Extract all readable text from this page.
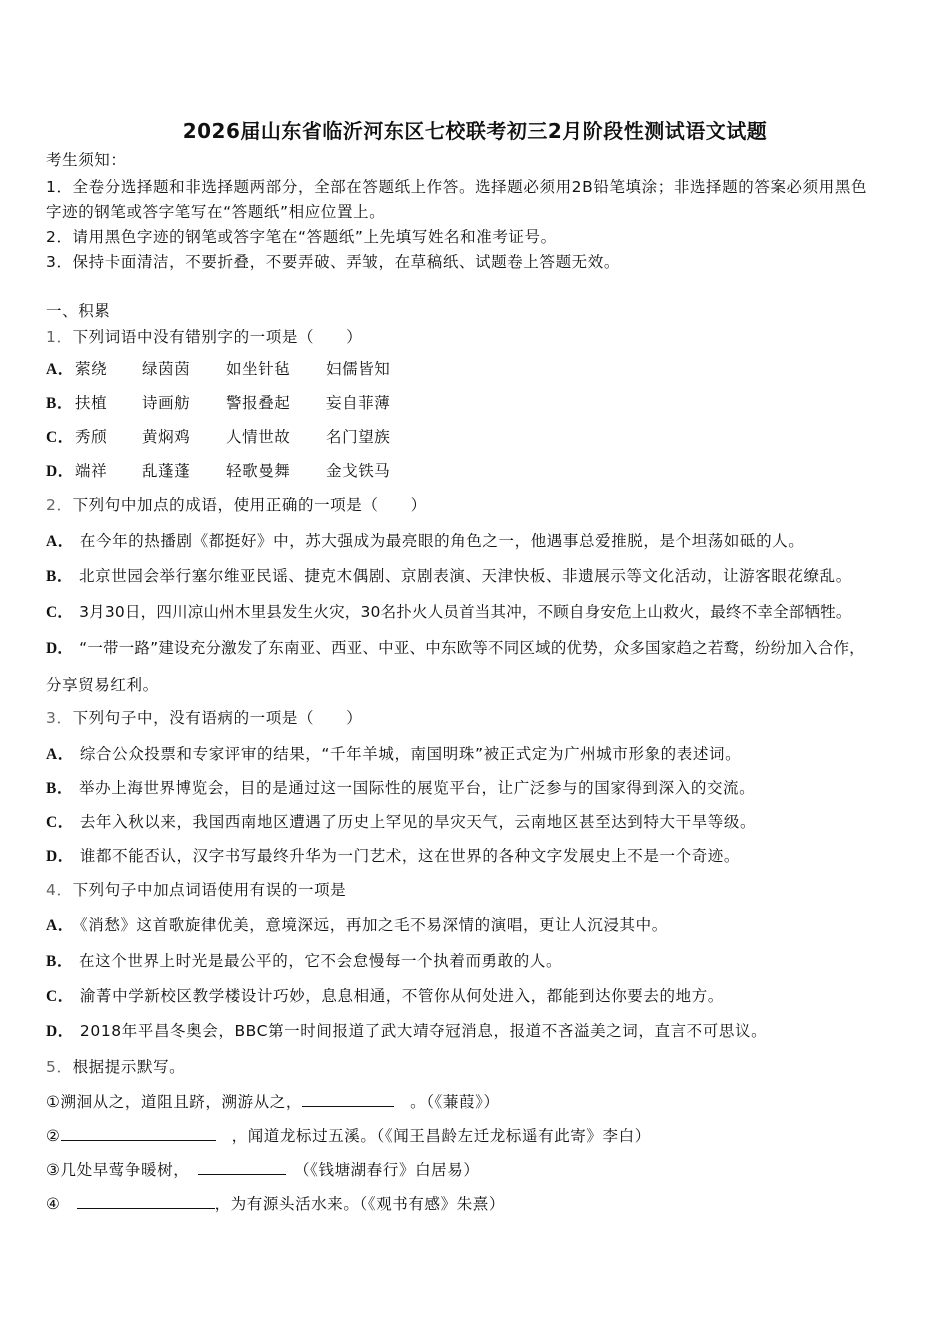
2026届山东省临沂河东区七校联考初三2月阶段性测试语文试题
考生须知：
1．全卷分选择题和非选择题两部分，全部在答题纸上作答。选择题必须用2B铅笔填涂；非选择题的答案必须用黑色
字迹的钢笔或答字笔写在“答题纸”相应位置上。
2．请用黑色字迹的钢笔或答字笔在“答题纸”上先填写姓名和准考证号。
3．保持卡面清洁，不要折叠，不要弄破、弄皱，在草稿纸、试题卷上答题无效。
一、积累
1．下列词语中没有错别字的一项是（　　）
A． 萦绕 绿茵茵 如坐针毡 妇儒皆知
B． 扶植 诗画舫 警报叠起 妄自菲薄
C． 秀颀 黄焖鸡 人情世故 名门望族
D． 端祥 乱蓬蓬 轻歌曼舞 金戈铁马
2．下列句中加点的成语，使用正确的一项是（　　）
A． 在今年的热播剧《都挺好》中，苏大强成为最亮眼的角色之一，他遇事总爱推脱，是个坦荡如砥的人。
B． 北京世园会举行塞尔维亚民谣、捷克木偶剧、京剧表演、天津快板、非遗展示等文化活动，让游客眼花缭乱。
C． 3月30日，四川凉山州木里县发生火灾，30名扑火人员首当其冲，不顾自身安危上山救火，最终不幸全部牺牲。
D． “一带一路”建设充分激发了东南亚、西亚、中亚、中东欧等不同区域的优势，众多国家趋之若鹜，纷纷加入合作，
分享贸易红利。
3．下列句子中，没有语病的一项是（　　）
A． 综合公众投票和专家评审的结果，“千年羊城，南国明珠”被正式定为广州城市形象的表述词。
B． 举办上海世界博览会，目的是通过这一国际性的展览平台，让广泛参与的国家得到深入的交流。
C． 去年入秋以来，我国西南地区遭遇了历史上罕见的旱灾天气，云南地区甚至达到特大干旱等级。
D． 谁都不能否认，汉字书写最终升华为一门艺术，这在世界的各种文字发展史上不是一个奇迹。
4．下列句子中加点词语使用有误的一项是
A． 《消愁》这首歌旋律优美，意境深远，再加之毛不易深情的演唱，更让人沉浸其中。
B． 在这个世界上时光是最公平的，它不会怠慢每一个执着而勇敢的人。
C． 渝菁中学新校区教学楼设计巧妙，息息相通，不管你从何处进入，都能到达你要去的地方。
D． 2018年平昌冬奥会，BBC第一时间报道了武大靖夺冠消息，报道不吝溢美之词，直言不可思议。
5．根据提示默写。
①溯洄从之，道阻且跻，溯游从之，　	。（《蒹葭》）
②　	，闻道龙标过五溪。（《闻王昌龄左迁龙标遥有此寄》李白）
③几处早莺争暖树，　　	（《钱塘湖春行》白居易）
④　	，为有源头活水来。（《观书有感》朱熹）
